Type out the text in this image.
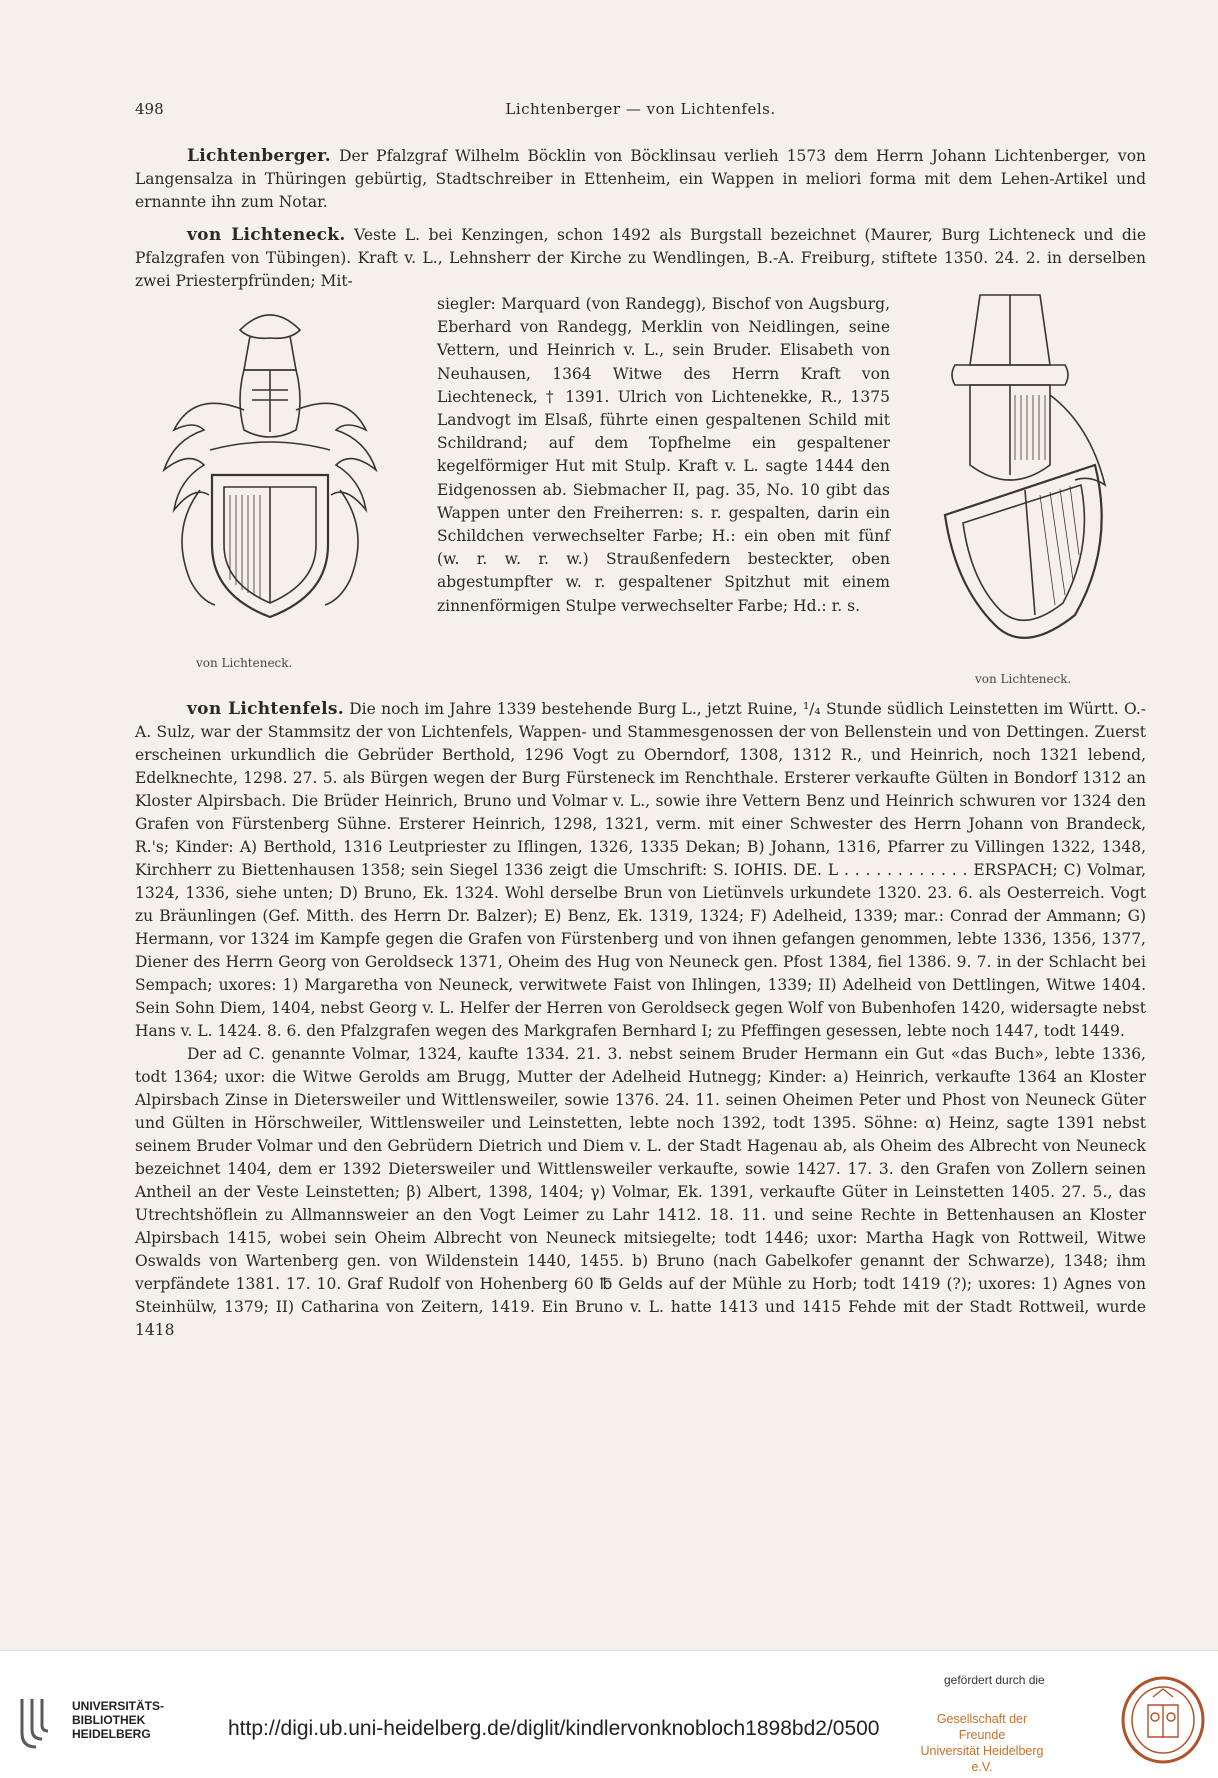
498	Lichtenberger — von Lichtenfels.

Lichtenberger. Der Pfalzgraf Wilhelm Böcklin von Böcklinsau verlieh 1573 dem Herrn Johann Lichtenberger, von Langensalza in Thüringen gebürtig, Stadtschreiber in Ettenheim, ein Wappen in meliori forma mit dem Lehen-Artikel und ernannte ihn zum Notar.

von Lichteneck. Veste L. bei Kenzingen, schon 1492 als Burgstall bezeichnet (Maurer, Burg Lichteneck und die Pfalzgrafen von Tübingen). Kraft v. L., Lehnsherr der Kirche zu Wendlingen, B.-A. Freiburg, stiftete 1350. 24. 2. in derselben zwei Priesterpfründen; Mit-

von Lichteneck.
siegler: Marquard (von Randegg), Bischof von Augsburg, Eberhard von Randegg, Merklin von Neidlingen, seine Vettern, und Heinrich v. L., sein Bruder. Elisabeth von Neuhausen, 1364 Witwe des Herrn Kraft von Liechteneck, † 1391. Ulrich von Lichtenekke, R., 1375 Landvogt im Elsaß, führte einen gespaltenen Schild mit Schildrand; auf dem Topfhelme ein gespaltener kegelförmiger Hut mit Stulp. Kraft v. L. sagte 1444 den Eidgenossen ab. Siebmacher II, pag. 35, No. 10 gibt das Wappen unter den Freiherren: s. r. gespalten, darin ein Schildchen verwechselter Farbe; H.: ein oben mit fünf (w. r. w. r. w.) Straußenfedern besteckter, oben abgestumpfter w. r. gespaltener Spitzhut mit einem zinnenförmigen Stulpe verwechselter Farbe; Hd.: r. s.
von Lichteneck.

von Lichtenfels. Die noch im Jahre 1339 bestehende Burg L., jetzt Ruine, ¹/₄ Stunde südlich Leinstetten im Württ. O.-A. Sulz, war der Stammsitz der von Lichtenfels, Wappen- und Stammesgenossen der von Bellenstein und von Dettingen. Zuerst erscheinen urkundlich die Gebrüder Berthold, 1296 Vogt zu Oberndorf, 1308, 1312 R., und Heinrich, noch 1321 lebend, Edelknechte, 1298. 27. 5. als Bürgen wegen der Burg Fürsteneck im Renchthale. Ersterer verkaufte Gülten in Bondorf 1312 an Kloster Alpirsbach. Die Brüder Heinrich, Bruno und Volmar v. L., sowie ihre Vettern Benz und Heinrich schwuren vor 1324 den Grafen von Fürstenberg Sühne. Ersterer Heinrich, 1298, 1321, verm. mit einer Schwester des Herrn Johann von Brandeck, R.'s; Kinder: A) Berthold, 1316 Leutpriester zu Iflingen, 1326, 1335 Dekan; B) Johann, 1316, Pfarrer zu Villingen 1322, 1348, Kirchherr zu Biettenhausen 1358; sein Siegel 1336 zeigt die Umschrift: S. IOHIS. DE. L . . . . . . . . . . . . ERSPACH; C) Volmar, 1324, 1336, siehe unten; D) Bruno, Ek. 1324. Wohl derselbe Brun von Lietünvels urkundete 1320. 23. 6. als Oesterreich. Vogt zu Bräunlingen (Gef. Mitth. des Herrn Dr. Balzer); E) Benz, Ek. 1319, 1324; F) Adelheid, 1339; mar.: Conrad der Ammann; G) Hermann, vor 1324 im Kampfe gegen die Grafen von Fürstenberg und von ihnen gefangen genommen, lebte 1336, 1356, 1377, Diener des Herrn Georg von Geroldseck 1371, Oheim des Hug von Neuneck gen. Pfost 1384, fiel 1386. 9. 7. in der Schlacht bei Sempach; uxores: 1) Margaretha von Neuneck, verwitwete Faist von Ihlingen, 1339; II) Adelheid von Dettlingen, Witwe 1404. Sein Sohn Diem, 1404, nebst Georg v. L. Helfer der Herren von Geroldseck gegen Wolf von Bubenhofen 1420, widersagte nebst Hans v. L. 1424. 8. 6. den Pfalzgrafen wegen des Markgrafen Bernhard I; zu Pfeffingen gesessen, lebte noch 1447, todt 1449.

Der ad C. genannte Volmar, 1324, kaufte 1334. 21. 3. nebst seinem Bruder Hermann ein Gut «das Buch», lebte 1336, todt 1364; uxor: die Witwe Gerolds am Brugg, Mutter der Adelheid Hutnegg; Kinder: a) Heinrich, verkaufte 1364 an Kloster Alpirsbach Zinse in Dietersweiler und Wittlensweiler, sowie 1376. 24. 11. seinen Oheimen Peter und Phost von Neuneck Güter und Gülten in Hörschweiler, Wittlensweiler und Leinstetten, lebte noch 1392, todt 1395. Söhne: α) Heinz, sagte 1391 nebst seinem Bruder Volmar und den Gebrüdern Dietrich und Diem v. L. der Stadt Hagenau ab, als Oheim des Albrecht von Neuneck bezeichnet 1404, dem er 1392 Dietersweiler und Wittlensweiler verkaufte, sowie 1427. 17. 3. den Grafen von Zollern seinen Antheil an der Veste Leinstetten; β) Albert, 1398, 1404; γ) Volmar, Ek. 1391, verkaufte Güter in Leinstetten 1405. 27. 5., das Utrechtshöflein zu Allmannsweier an den Vogt Leimer zu Lahr 1412. 18. 11. und seine Rechte in Bettenhausen an Kloster Alpirsbach 1415, wobei sein Oheim Albrecht von Neuneck mitsiegelte; todt 1446; uxor: Martha Hagk von Rottweil, Witwe Oswalds von Wartenberg gen. von Wildenstein 1440, 1455. b) Bruno (nach Gabelkofer genannt der Schwarze), 1348; ihm verpfändete 1381. 17. 10. Graf Rudolf von Hohenberg 60 ℔ Gelds auf der Mühle zu Horb; todt 1419 (?); uxores: 1) Agnes von Steinhülw, 1379; II) Catharina von Zeitern, 1419. Ein Bruno v. L. hatte 1413 und 1415 Fehde mit der Stadt Rottweil, wurde 1418

UNIVERSITÄTS-
BIBLIOTHEK
HEIDELBERG	http://digi.ub.uni-heidelberg.de/diglit/kindlervonknobloch1898bd2/0500
gefördert durch die
Gesellschaft der Freunde
Universität Heidelberg e.V.
